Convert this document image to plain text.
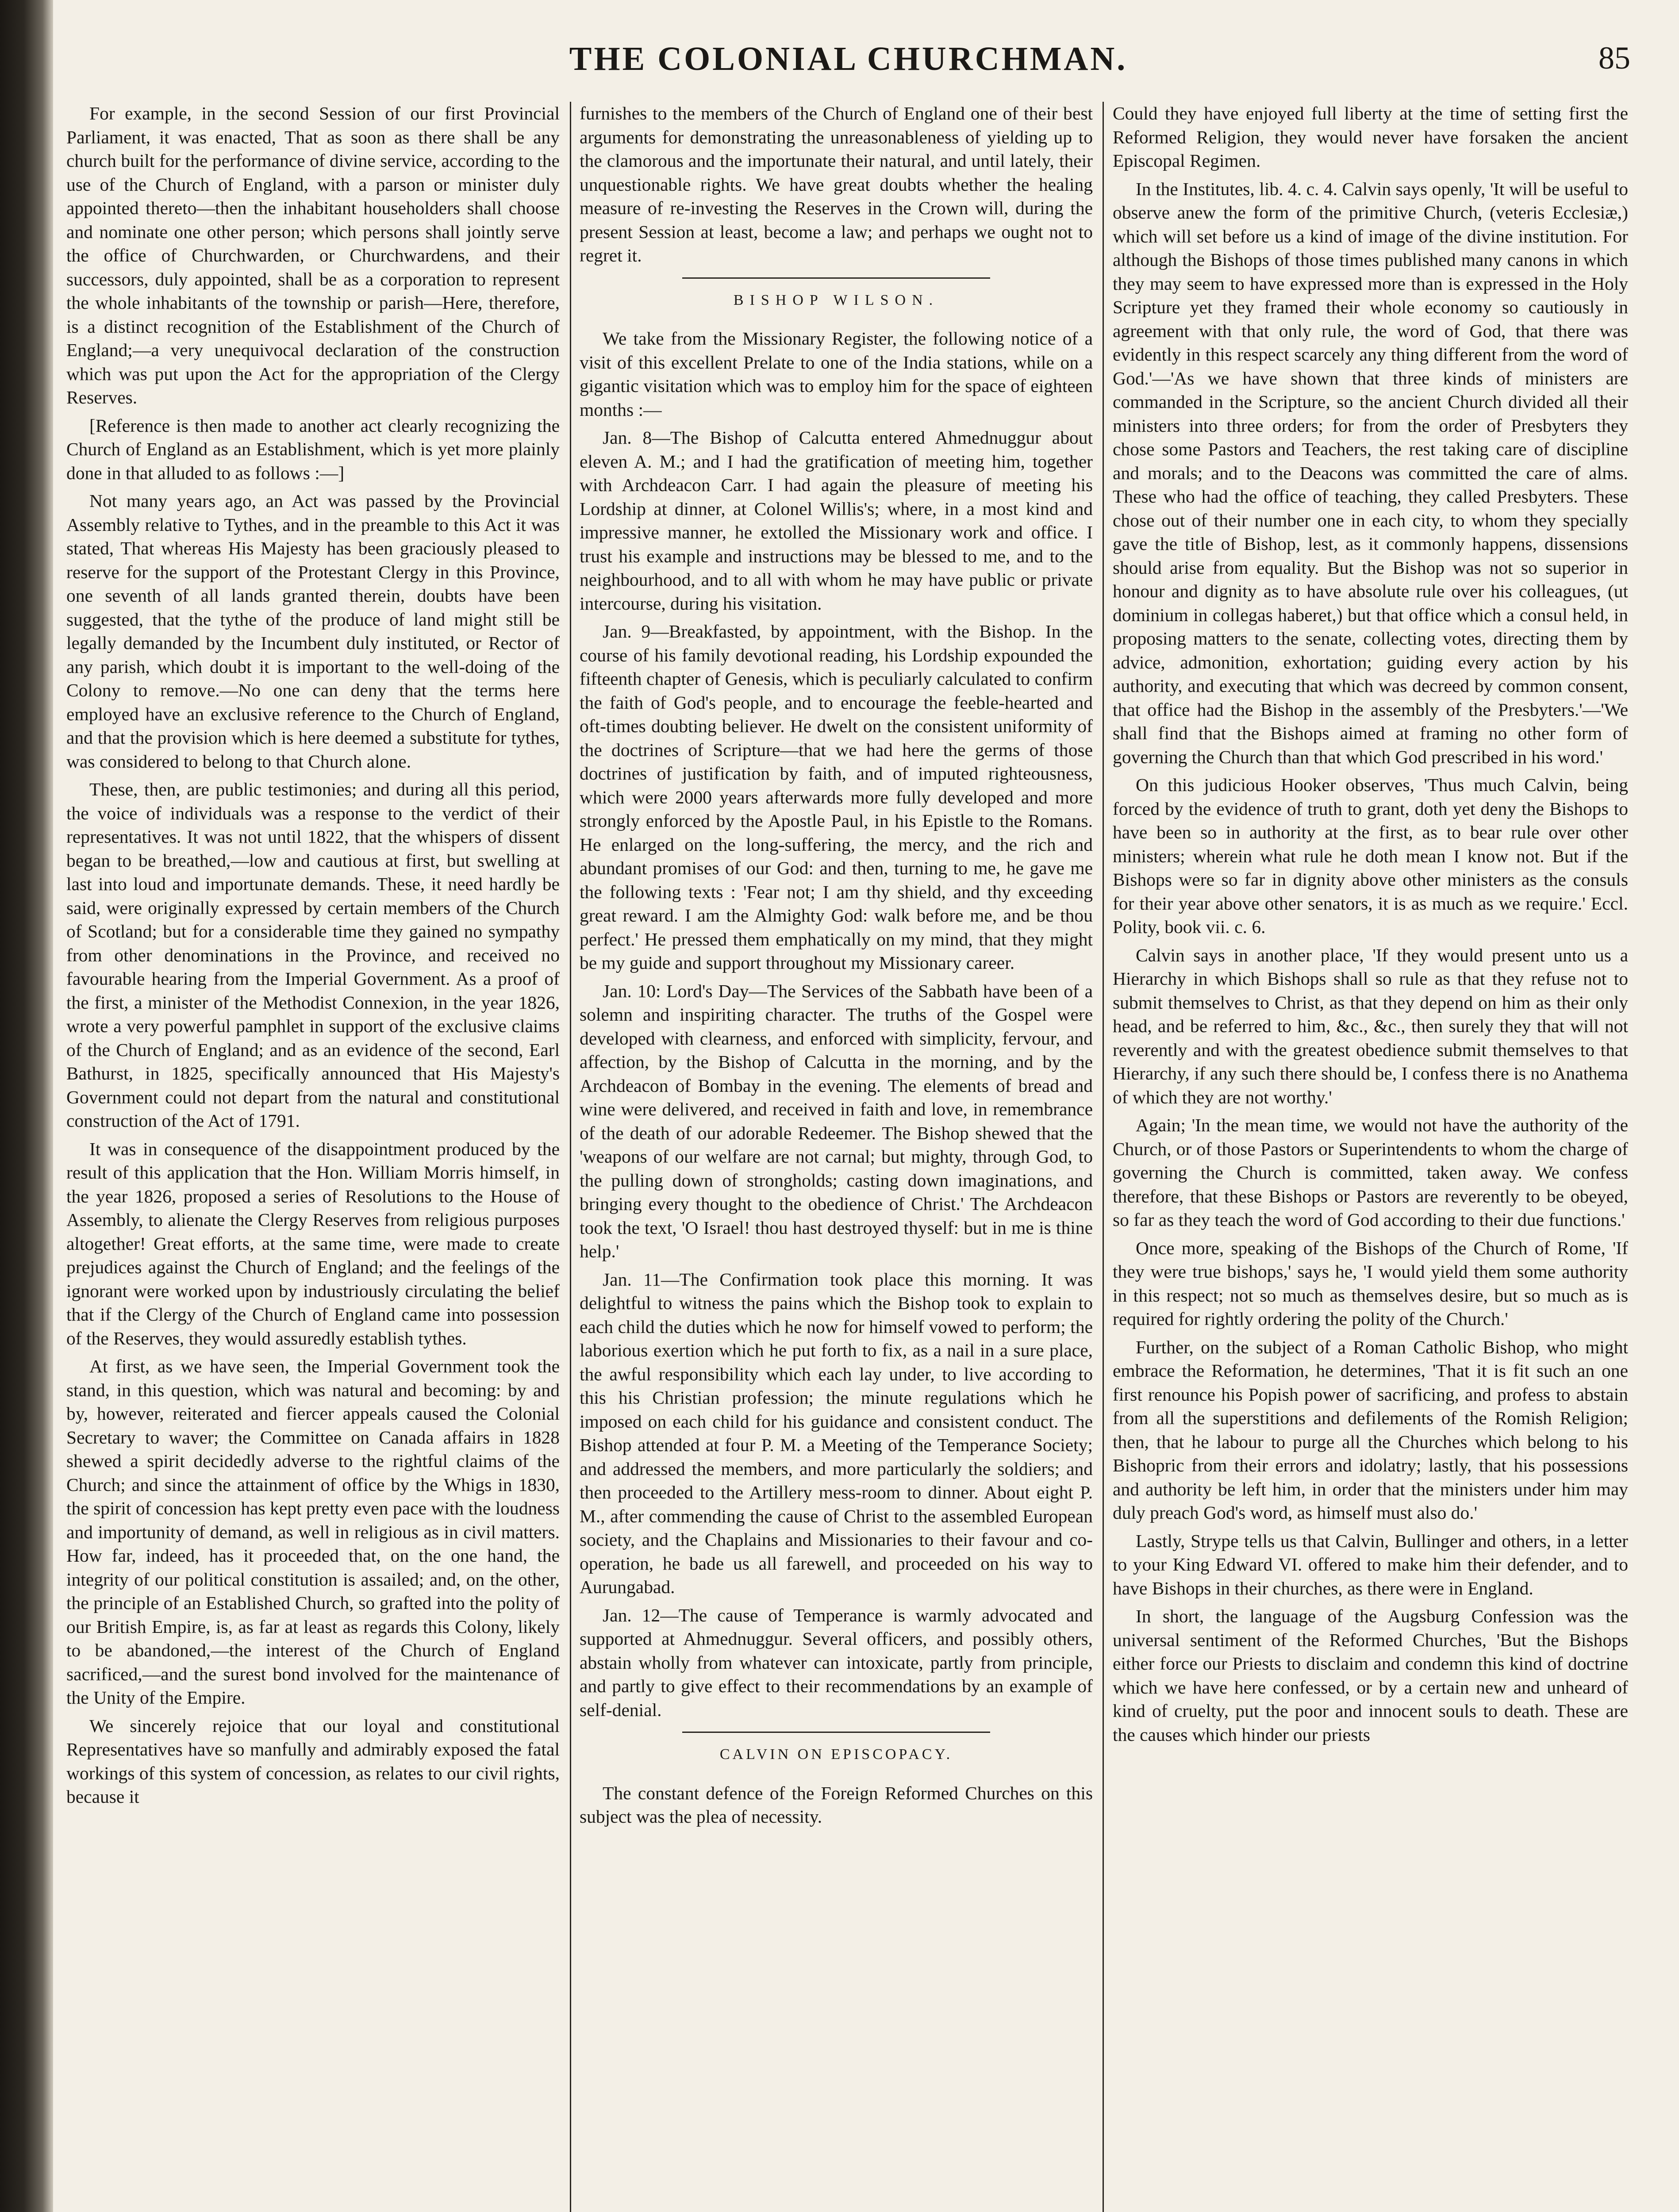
THE COLONIAL CHURCHMAN.	85

For example, in the second Session of our first Provincial Parliament, it was enacted, That as soon as there shall be any church built for the performance of divine service, according to the use of the Church of England, with a parson or minister duly appointed thereto—then the inhabitant householders shall choose and nominate one other person; which persons shall jointly serve the office of Churchwarden, or Churchwardens, and their successors, duly appointed, shall be as a corporation to represent the whole inhabitants of the township or parish—Here, therefore, is a distinct recognition of the Establishment of the Church of England;—a very unequivocal declaration of the construction which was put upon the Act for the appropriation of the Clergy Reserves.

[Reference is then made to another act clearly recognizing the Church of England as an Establishment, which is yet more plainly done in that alluded to as follows :—]

Not many years ago, an Act was passed by the Provincial Assembly relative to Tythes, and in the preamble to this Act it was stated, That whereas His Majesty has been graciously pleased to reserve for the support of the Protestant Clergy in this Province, one seventh of all lands granted therein, doubts have been suggested, that the tythe of the produce of land might still be legally demanded by the Incumbent duly instituted, or Rector of any parish, which doubt it is important to the well-doing of the Colony to remove.—No one can deny that the terms here employed have an exclusive reference to the Church of England, and that the provision which is here deemed a substitute for tythes, was considered to belong to that Church alone.

These, then, are public testimonies; and during all this period, the voice of individuals was a response to the verdict of their representatives. It was not until 1822, that the whispers of dissent began to be breathed,—low and cautious at first, but swelling at last into loud and importunate demands. These, it need hardly be said, were originally expressed by certain members of the Church of Scotland; but for a considerable time they gained no sympathy from other denominations in the Province, and received no favourable hearing from the Imperial Government. As a proof of the first, a minister of the Methodist Connexion, in the year 1826, wrote a very powerful pamphlet in support of the exclusive claims of the Church of England; and as an evidence of the second, Earl Bathurst, in 1825, specifically announced that His Majesty's Government could not depart from the natural and constitutional construction of the Act of 1791.

It was in consequence of the disappointment produced by the result of this application that the Hon. William Morris himself, in the year 1826, proposed a series of Resolutions to the House of Assembly, to alienate the Clergy Reserves from religious purposes altogether! Great efforts, at the same time, were made to create prejudices against the Church of England; and the feelings of the ignorant were worked upon by industriously circulating the belief that if the Clergy of the Church of England came into possession of the Reserves, they would assuredly establish tythes.

At first, as we have seen, the Imperial Government took the stand, in this question, which was natural and becoming: by and by, however, reiterated and fiercer appeals caused the Colonial Secretary to waver; the Committee on Canada affairs in 1828 shewed a spirit decidedly adverse to the rightful claims of the Church; and since the attainment of office by the Whigs in 1830, the spirit of concession has kept pretty even pace with the loudness and importunity of demand, as well in religious as in civil matters. How far, indeed, has it proceeded that, on the one hand, the integrity of our political constitution is assailed; and, on the other, the principle of an Established Church, so grafted into the polity of our British Empire, is, as far at least as regards this Colony, likely to be abandoned,—the interest of the Church of England sacrificed,—and the surest bond involved for the maintenance of the Unity of the Empire.

We sincerely rejoice that our loyal and constitutional Representatives have so manfully and admirably exposed the fatal workings of this system of concession, as relates to our civil rights, because it

furnishes to the members of the Church of England one of their best arguments for demonstrating the unreasonableness of yielding up to the clamorous and the importunate their natural, and until lately, their unquestionable rights. We have great doubts whether the healing measure of re-investing the Reserves in the Crown will, during the present Session at least, become a law; and perhaps we ought not to regret it.

BISHOP WILSON.

We take from the Missionary Register, the following notice of a visit of this excellent Prelate to one of the India stations, while on a gigantic visitation which was to employ him for the space of eighteen months :—

Jan. 8—The Bishop of Calcutta entered Ahmednuggur about eleven A. M.; and I had the gratification of meeting him, together with Archdeacon Carr. I had again the pleasure of meeting his Lordship at dinner, at Colonel Willis's; where, in a most kind and impressive manner, he extolled the Missionary work and office. I trust his example and instructions may be blessed to me, and to the neighbourhood, and to all with whom he may have public or private intercourse, during his visitation.

Jan. 9—Breakfasted, by appointment, with the Bishop. In the course of his family devotional reading, his Lordship expounded the fifteenth chapter of Genesis, which is peculiarly calculated to confirm the faith of God's people, and to encourage the feeble-hearted and oft-times doubting believer. He dwelt on the consistent uniformity of the doctrines of Scripture—that we had here the germs of those doctrines of justification by faith, and of imputed righteousness, which were 2000 years afterwards more fully developed and more strongly enforced by the Apostle Paul, in his Epistle to the Romans. He enlarged on the long-suffering, the mercy, and the rich and abundant promises of our God: and then, turning to me, he gave me the following texts : 'Fear not; I am thy shield, and thy exceeding great reward. I am the Almighty God: walk before me, and be thou perfect.' He pressed them emphatically on my mind, that they might be my guide and support throughout my Missionary career.

Jan. 10: Lord's Day—The Services of the Sabbath have been of a solemn and inspiriting character. The truths of the Gospel were developed with clearness, and enforced with simplicity, fervour, and affection, by the Bishop of Calcutta in the morning, and by the Archdeacon of Bombay in the evening. The elements of bread and wine were delivered, and received in faith and love, in remembrance of the death of our adorable Redeemer. The Bishop shewed that the 'weapons of our welfare are not carnal; but mighty, through God, to the pulling down of strongholds; casting down imaginations, and bringing every thought to the obedience of Christ.' The Archdeacon took the text, 'O Israel! thou hast destroyed thyself: but in me is thine help.'

Jan. 11—The Confirmation took place this morning. It was delightful to witness the pains which the Bishop took to explain to each child the duties which he now for himself vowed to perform; the laborious exertion which he put forth to fix, as a nail in a sure place, the awful responsibility which each lay under, to live according to this his Christian profession; the minute regulations which he imposed on each child for his guidance and consistent conduct. The Bishop attended at four P. M. a Meeting of the Temperance Society; and addressed the members, and more particularly the soldiers; and then proceeded to the Artillery mess-room to dinner. About eight P. M., after commending the cause of Christ to the assembled European society, and the Chaplains and Missionaries to their favour and co-operation, he bade us all farewell, and proceeded on his way to Aurungabad.

Jan. 12—The cause of Temperance is warmly advocated and supported at Ahmednuggur. Several officers, and possibly others, abstain wholly from whatever can intoxicate, partly from principle, and partly to give effect to their recommendations by an example of self-denial.

CALVIN ON EPISCOPACY.

The constant defence of the Foreign Reformed Churches on this subject was the plea of necessity.

Could they have enjoyed full liberty at the time of setting first the Reformed Religion, they would never have forsaken the ancient Episcopal Regimen.

In the Institutes, lib. 4. c. 4. Calvin says openly, 'It will be useful to observe anew the form of the primitive Church, (veteris Ecclesiæ,) which will set before us a kind of image of the divine institution. For although the Bishops of those times published many canons in which they may seem to have expressed more than is expressed in the Holy Scripture yet they framed their whole economy so cautiously in agreement with that only rule, the word of God, that there was evidently in this respect scarcely any thing different from the word of God.'—'As we have shown that three kinds of ministers are commanded in the Scripture, so the ancient Church divided all their ministers into three orders; for from the order of Presbyters they chose some Pastors and Teachers, the rest taking care of discipline and morals; and to the Deacons was committed the care of alms. These who had the office of teaching, they called Presbyters. These chose out of their number one in each city, to whom they specially gave the title of Bishop, lest, as it commonly happens, dissensions should arise from equality. But the Bishop was not so superior in honour and dignity as to have absolute rule over his colleagues, (ut dominium in collegas haberet,) but that office which a consul held, in proposing matters to the senate, collecting votes, directing them by advice, admonition, exhortation; guiding every action by his authority, and executing that which was decreed by common consent, that office had the Bishop in the assembly of the Presbyters.'—'We shall find that the Bishops aimed at framing no other form of governing the Church than that which God prescribed in his word.'

On this judicious Hooker observes, 'Thus much Calvin, being forced by the evidence of truth to grant, doth yet deny the Bishops to have been so in authority at the first, as to bear rule over other ministers; wherein what rule he doth mean I know not. But if the Bishops were so far in dignity above other ministers as the consuls for their year above other senators, it is as much as we require.' Eccl. Polity, book vii. c. 6.

Calvin says in another place, 'If they would present unto us a Hierarchy in which Bishops shall so rule as that they refuse not to submit themselves to Christ, as that they depend on him as their only head, and be referred to him, &c., &c., then surely they that will not reverently and with the greatest obedience submit themselves to that Hierarchy, if any such there should be, I confess there is no Anathema of which they are not worthy.'

Again; 'In the mean time, we would not have the authority of the Church, or of those Pastors or Superintendents to whom the charge of governing the Church is committed, taken away. We confess therefore, that these Bishops or Pastors are reverently to be obeyed, so far as they teach the word of God according to their due functions.'

Once more, speaking of the Bishops of the Church of Rome, 'If they were true bishops,' says he, 'I would yield them some authority in this respect; not so much as themselves desire, but so much as is required for rightly ordering the polity of the Church.'

Further, on the subject of a Roman Catholic Bishop, who might embrace the Reformation, he determines, 'That it is fit such an one first renounce his Popish power of sacrificing, and profess to abstain from all the superstitions and defilements of the Romish Religion; then, that he labour to purge all the Churches which belong to his Bishopric from their errors and idolatry; lastly, that his possessions and authority be left him, in order that the ministers under him may duly preach God's word, as himself must also do.'

Lastly, Strype tells us that Calvin, Bullinger and others, in a letter to your King Edward VI. offered to make him their defender, and to have Bishops in their churches, as there were in England.

In short, the language of the Augsburg Confession was the universal sentiment of the Reformed Churches, 'But the Bishops either force our Priests to disclaim and condemn this kind of doctrine which we have here confessed, or by a certain new and unheard of kind of cruelty, put the poor and innocent souls to death. These are the causes which hinder our priests
